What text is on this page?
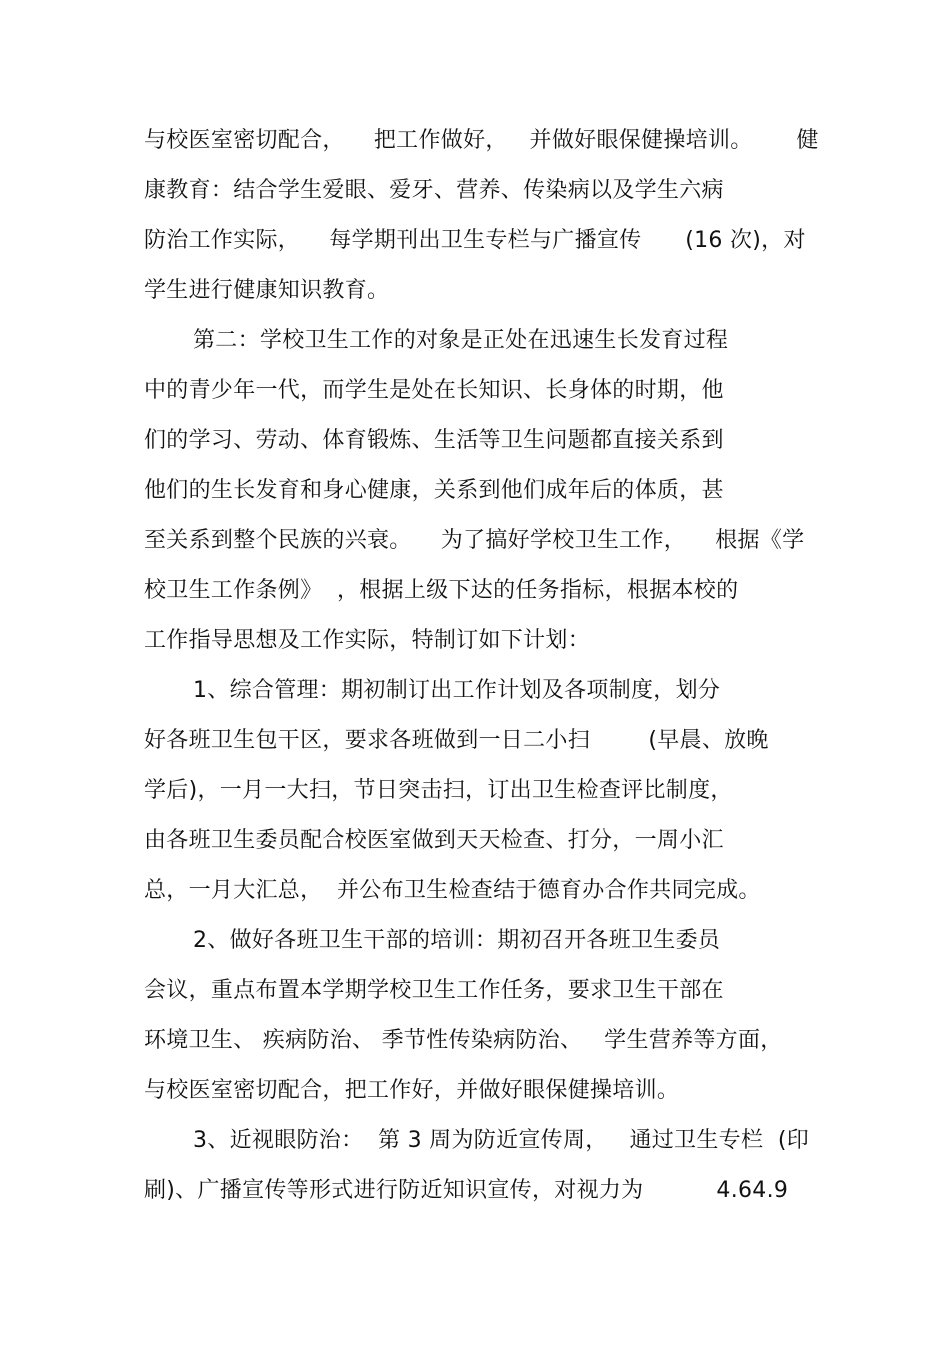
与校医室密切配合，    把工作做好，   并做好眼保健操培训。      健
康教育：结合学生爱眼、爱牙、营养、传染病以及学生六病
防治工作实际，    每学期刊出卫生专栏与广播宣传      (16 次)，对
学生进行健康知识教育。
第二：学校卫生工作的对象是正处在迅速生长发育过程
中的青少年一代，而学生是处在长知识、长身体的时期，他
们的学习、劳动、体育锻炼、生活等卫生问题都直接关系到
他们的生长发育和身心健康，关系到他们成年后的体质，甚
至关系到整个民族的兴衰。    为了搞好学校卫生工作，    根据《学
校卫生工作条例》  ，根据上级下达的任务指标，根据本校的
工作指导思想及工作实际，特制订如下计划：
1、综合管理：期初制订出工作计划及各项制度，划分
好各班卫生包干区，要求各班做到一日二小扫        (早晨、放晚
学后)，一月一大扫，节日突击扫，订出卫生检查评比制度，
由各班卫生委员配合校医室做到天天检查、打分，一周小汇
总，一月大汇总，  并公布卫生检查结于德育办合作共同完成。
2、做好各班卫生干部的培训：期初召开各班卫生委员
会议，重点布置本学期学校卫生工作任务，要求卫生干部在
环境卫生、 疾病防治、 季节性传染病防治、   学生营养等方面，
与校医室密切配合，把工作好，并做好眼保健操培训。
3、近视眼防治：  第 3 周为防近宣传周，   通过卫生专栏  (印
刷)、广播宣传等形式进行防近知识宣传，对视力为          4.64.9
